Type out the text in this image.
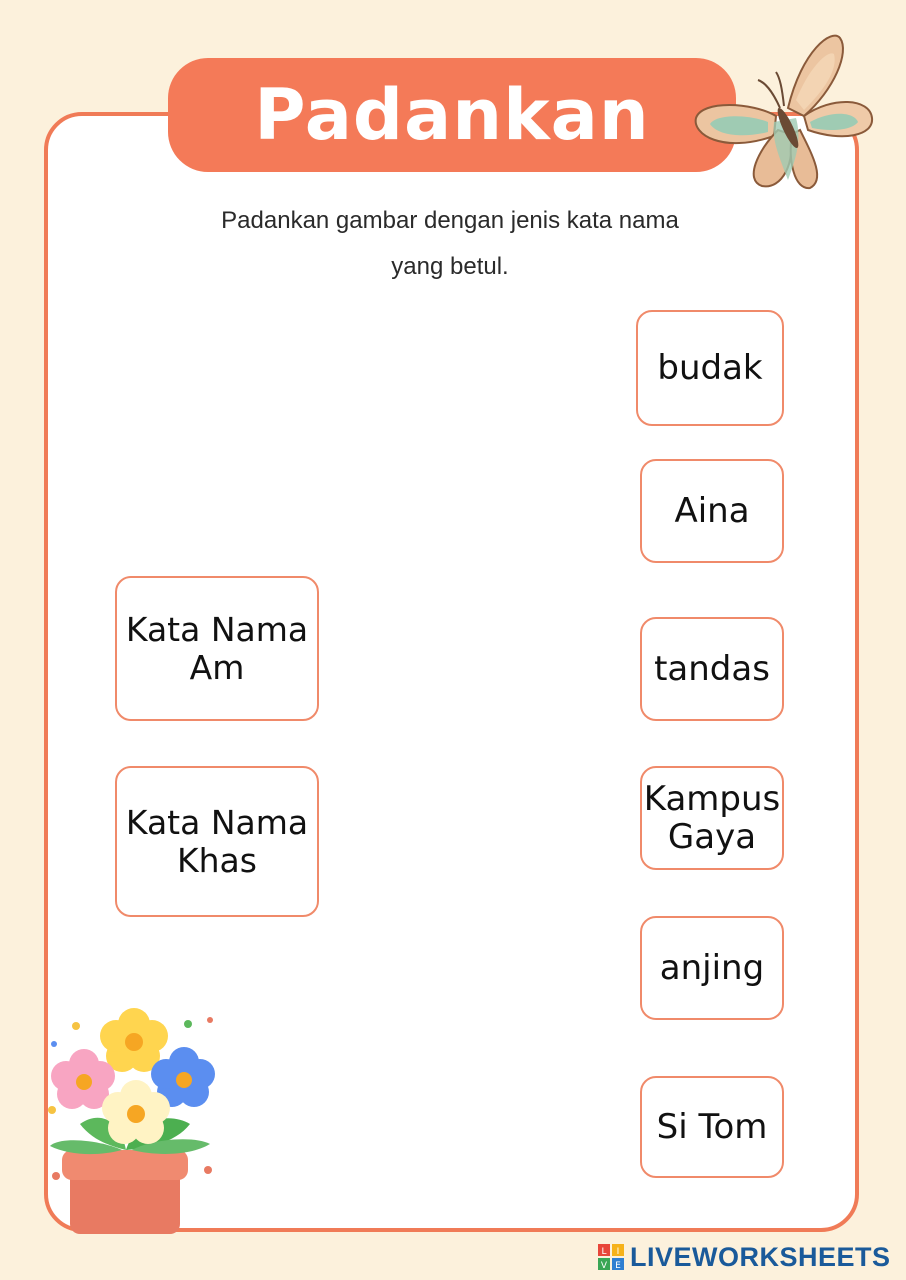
Padankan
Padankan gambar dengan jenis kata nama
yang betul.
Kata Nama
Am
Kata Nama
Khas
budak
Aina
tandas
Kampus
Gaya
anjing
Si Tom
L I
V E LIVEWORKSHEETS
